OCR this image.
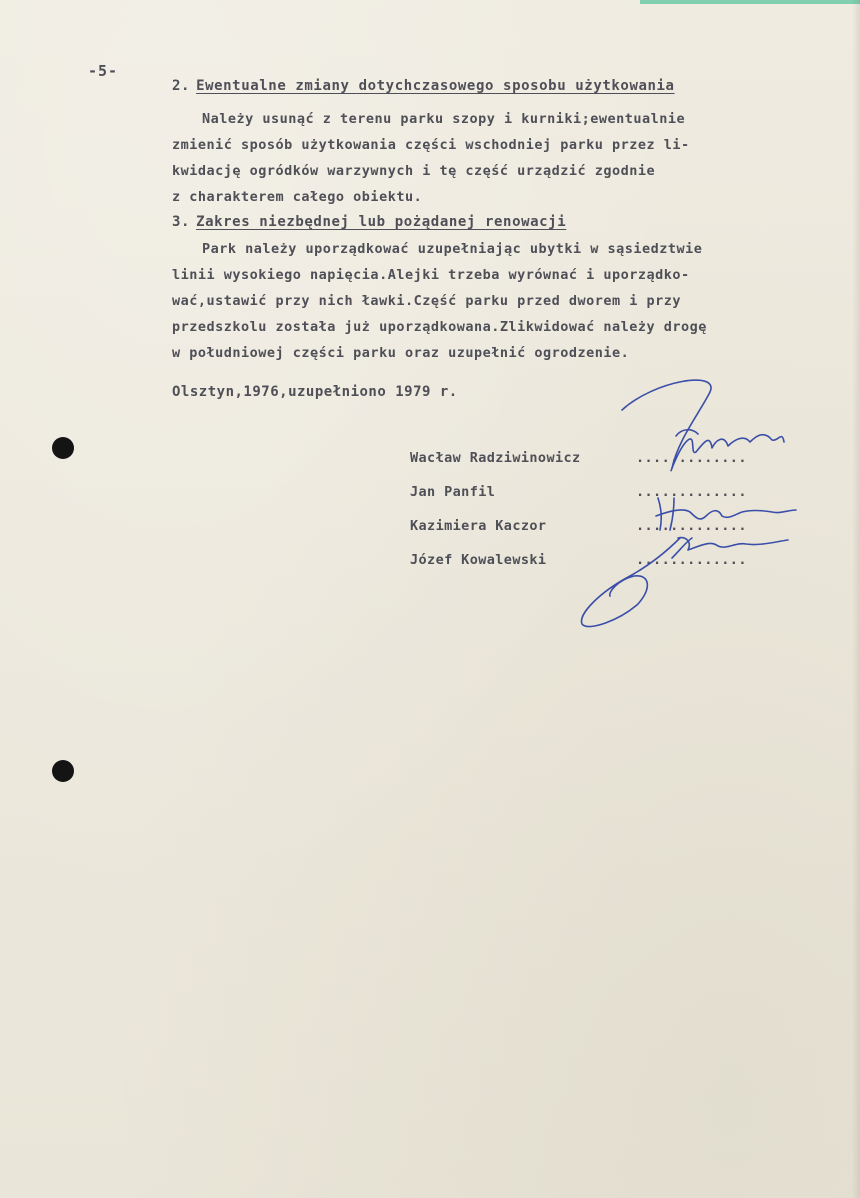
-5-
2. Ewentualne zmiany dotychczasowego sposobu użytkowania
Należy usunąć z terenu parku szopy i kurniki;ewentualnie
zmienić sposób użytkowania części wschodniej parku przez li-
kwidację ogródków warzywnych i tę część urządzić zgodnie
z charakterem całego obiektu.
3. Zakres niezbędnej lub pożądanej renowacji
Park należy uporządkować uzupełniając ubytki w sąsiedztwie
linii wysokiego napięcia.Alejki trzeba wyrównać i uporządko-
wać,ustawić przy nich ławki.Część parku przed dworem i przy
przedszkolu została już uporządkowana.Zlikwidować należy drogę
w południowej części parku oraz uzupełnić ogrodzenie.
Olsztyn,1976,uzupełniono 1979 r.
Wacław Radziwinowicz	.............
Jan Panfil	.............
Kazimiera Kaczor	.............
Józef Kowalewski	.............
